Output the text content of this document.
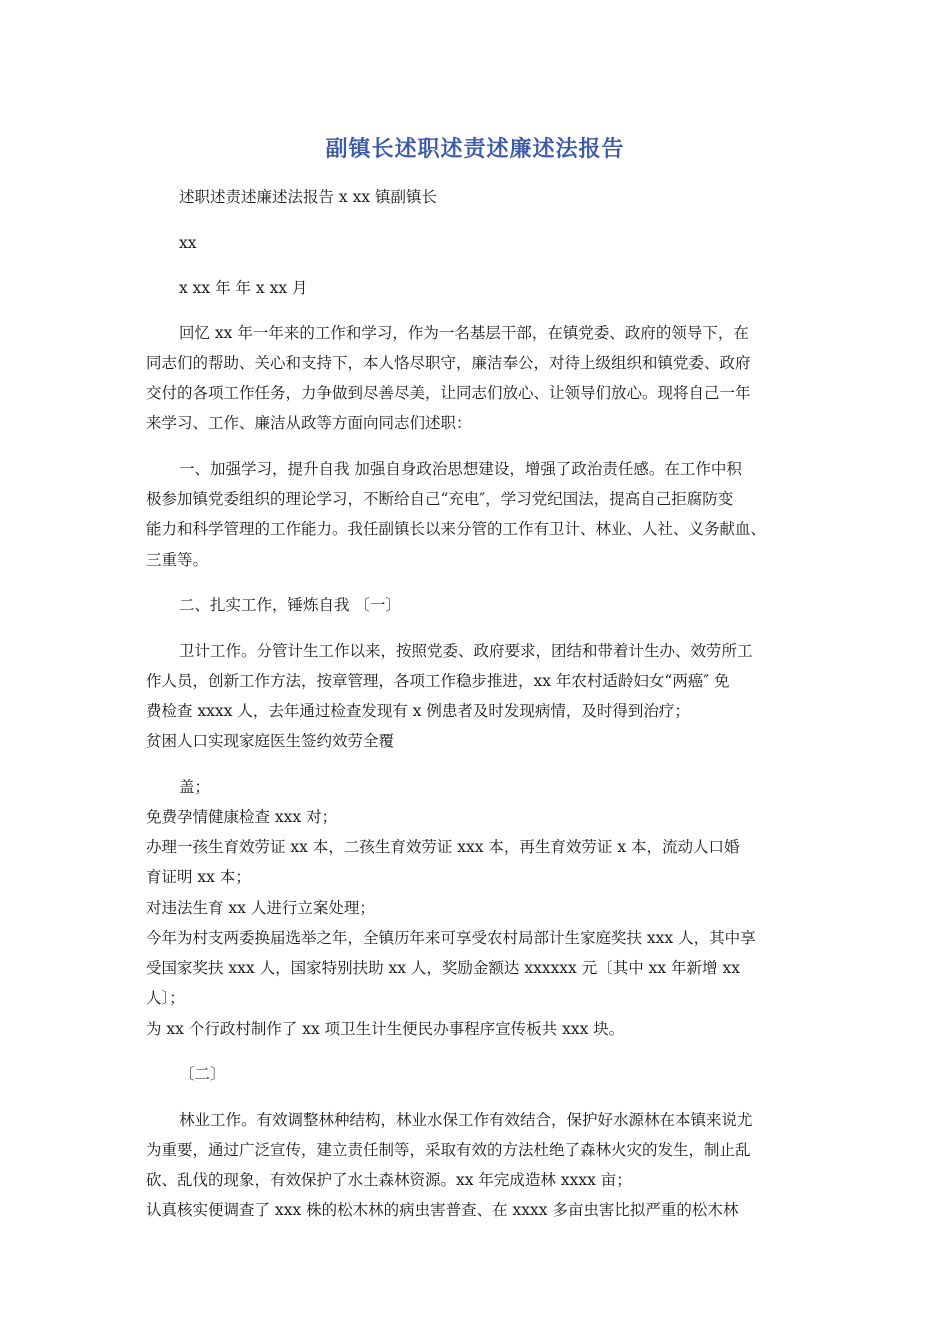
副镇长述职述责述廉述法报告
述职述责述廉述法报告 x xx 镇副镇长
xx
x xx 年 年 x xx 月
回忆 xx 年一年来的工作和学习，作为一名基层干部，在镇党委、政府的领导下，在
同志们的帮助、关心和支持下，本人恪尽职守，廉洁奉公，对待上级组织和镇党委、政府
交付的各项工作任务，力争做到尽善尽美，让同志们放心、让领导们放心。现将自己一年
来学习、工作、廉洁从政等方面向同志们述职：
一、加强学习，提升自我 加强自身政治思想建设，增强了政治责任感。在工作中积
极参加镇党委组织的理论学习，不断给自己“充电″，学习党纪国法，提高自己拒腐防变
能力和科学管理的工作能力。我任副镇长以来分管的工作有卫计、林业、人社、义务献血、
三重等。
二、扎实工作，锤炼自我 〔一〕
卫计工作。分管计生工作以来，按照党委、政府要求，团结和带着计生办、效劳所工
作人员，创新工作方法，按章管理，各项工作稳步推进，xx 年农村适龄妇女“两癌″ 免
费检查 xxxx 人，去年通过检查发现有 x 例患者及时发现病情，及时得到治疗；
贫困人口实现家庭医生签约效劳全覆
盖；
免费孕情健康检查 xxx 对；
办理一孩生育效劳证 xx 本，二孩生育效劳证 xxx 本，再生育效劳证 x 本，流动人口婚
育证明 xx 本；
对违法生育 xx 人进行立案处理；
今年为村支两委换届选举之年，全镇历年来可享受农村局部计生家庭奖扶 xxx 人，其中享
受国家奖扶 xxx 人，国家特别扶助 xx 人，奖励金额达 xxxxxx 元〔其中 xx 年新增 xx
人〕；
为 xx 个行政村制作了 xx 项卫生计生便民办事程序宣传板共 xxx 块。
〔二〕
林业工作。有效调整林种结构，林业水保工作有效结合，保护好水源林在本镇来说尤
为重要，通过广泛宣传，建立责任制等，采取有效的方法杜绝了森林火灾的发生，制止乱
砍、乱伐的现象，有效保护了水土森林资源。xx 年完成造林 xxxx 亩；
认真核实便调查了 xxx 株的松木林的病虫害普查、在 xxxx 多亩虫害比拟严重的松木林
